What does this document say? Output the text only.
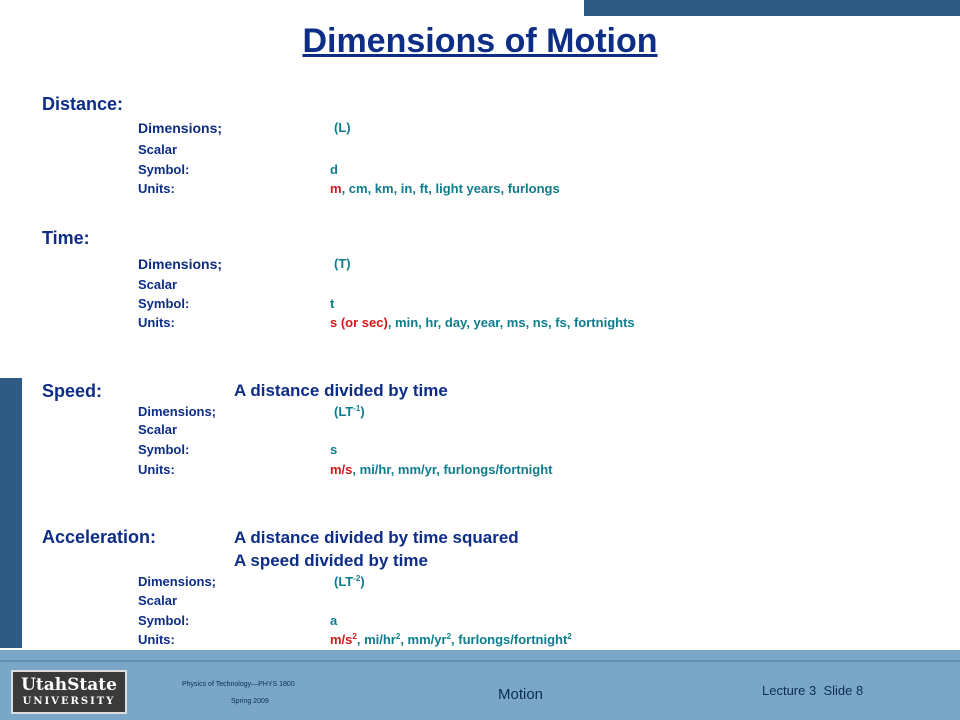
Dimensions of Motion
Distance:
Dimensions;	(L)
Scalar
Symbol:	d
Units:	m, cm, km, in, ft, light years, furlongs
Time:
Dimensions;	(T)
Scalar
Symbol:	t
Units:	s (or sec), min, hr, day, year, ms, ns, fs, fortnights
Speed:	A distance divided by time
Dimensions;	$(LT^{-1})$
Scalar
Symbol:	s
Units:	m/s, mi/hr, mm/yr, furlongs/fortnight
Acceleration:	A distance divided by time squared
A speed divided by time
Dimensions;	$(LT^{-2})$
Scalar
Symbol:	a
Units:	$m/s^2$, $mi/hr^2$, $mm/yr^2$, furlongs/fortnight$^2$
UtahState
UNIVERSITY
Physics of Technology—PHYS 1800
Spring 2009	Motion	Lecture 3 Slide 8
